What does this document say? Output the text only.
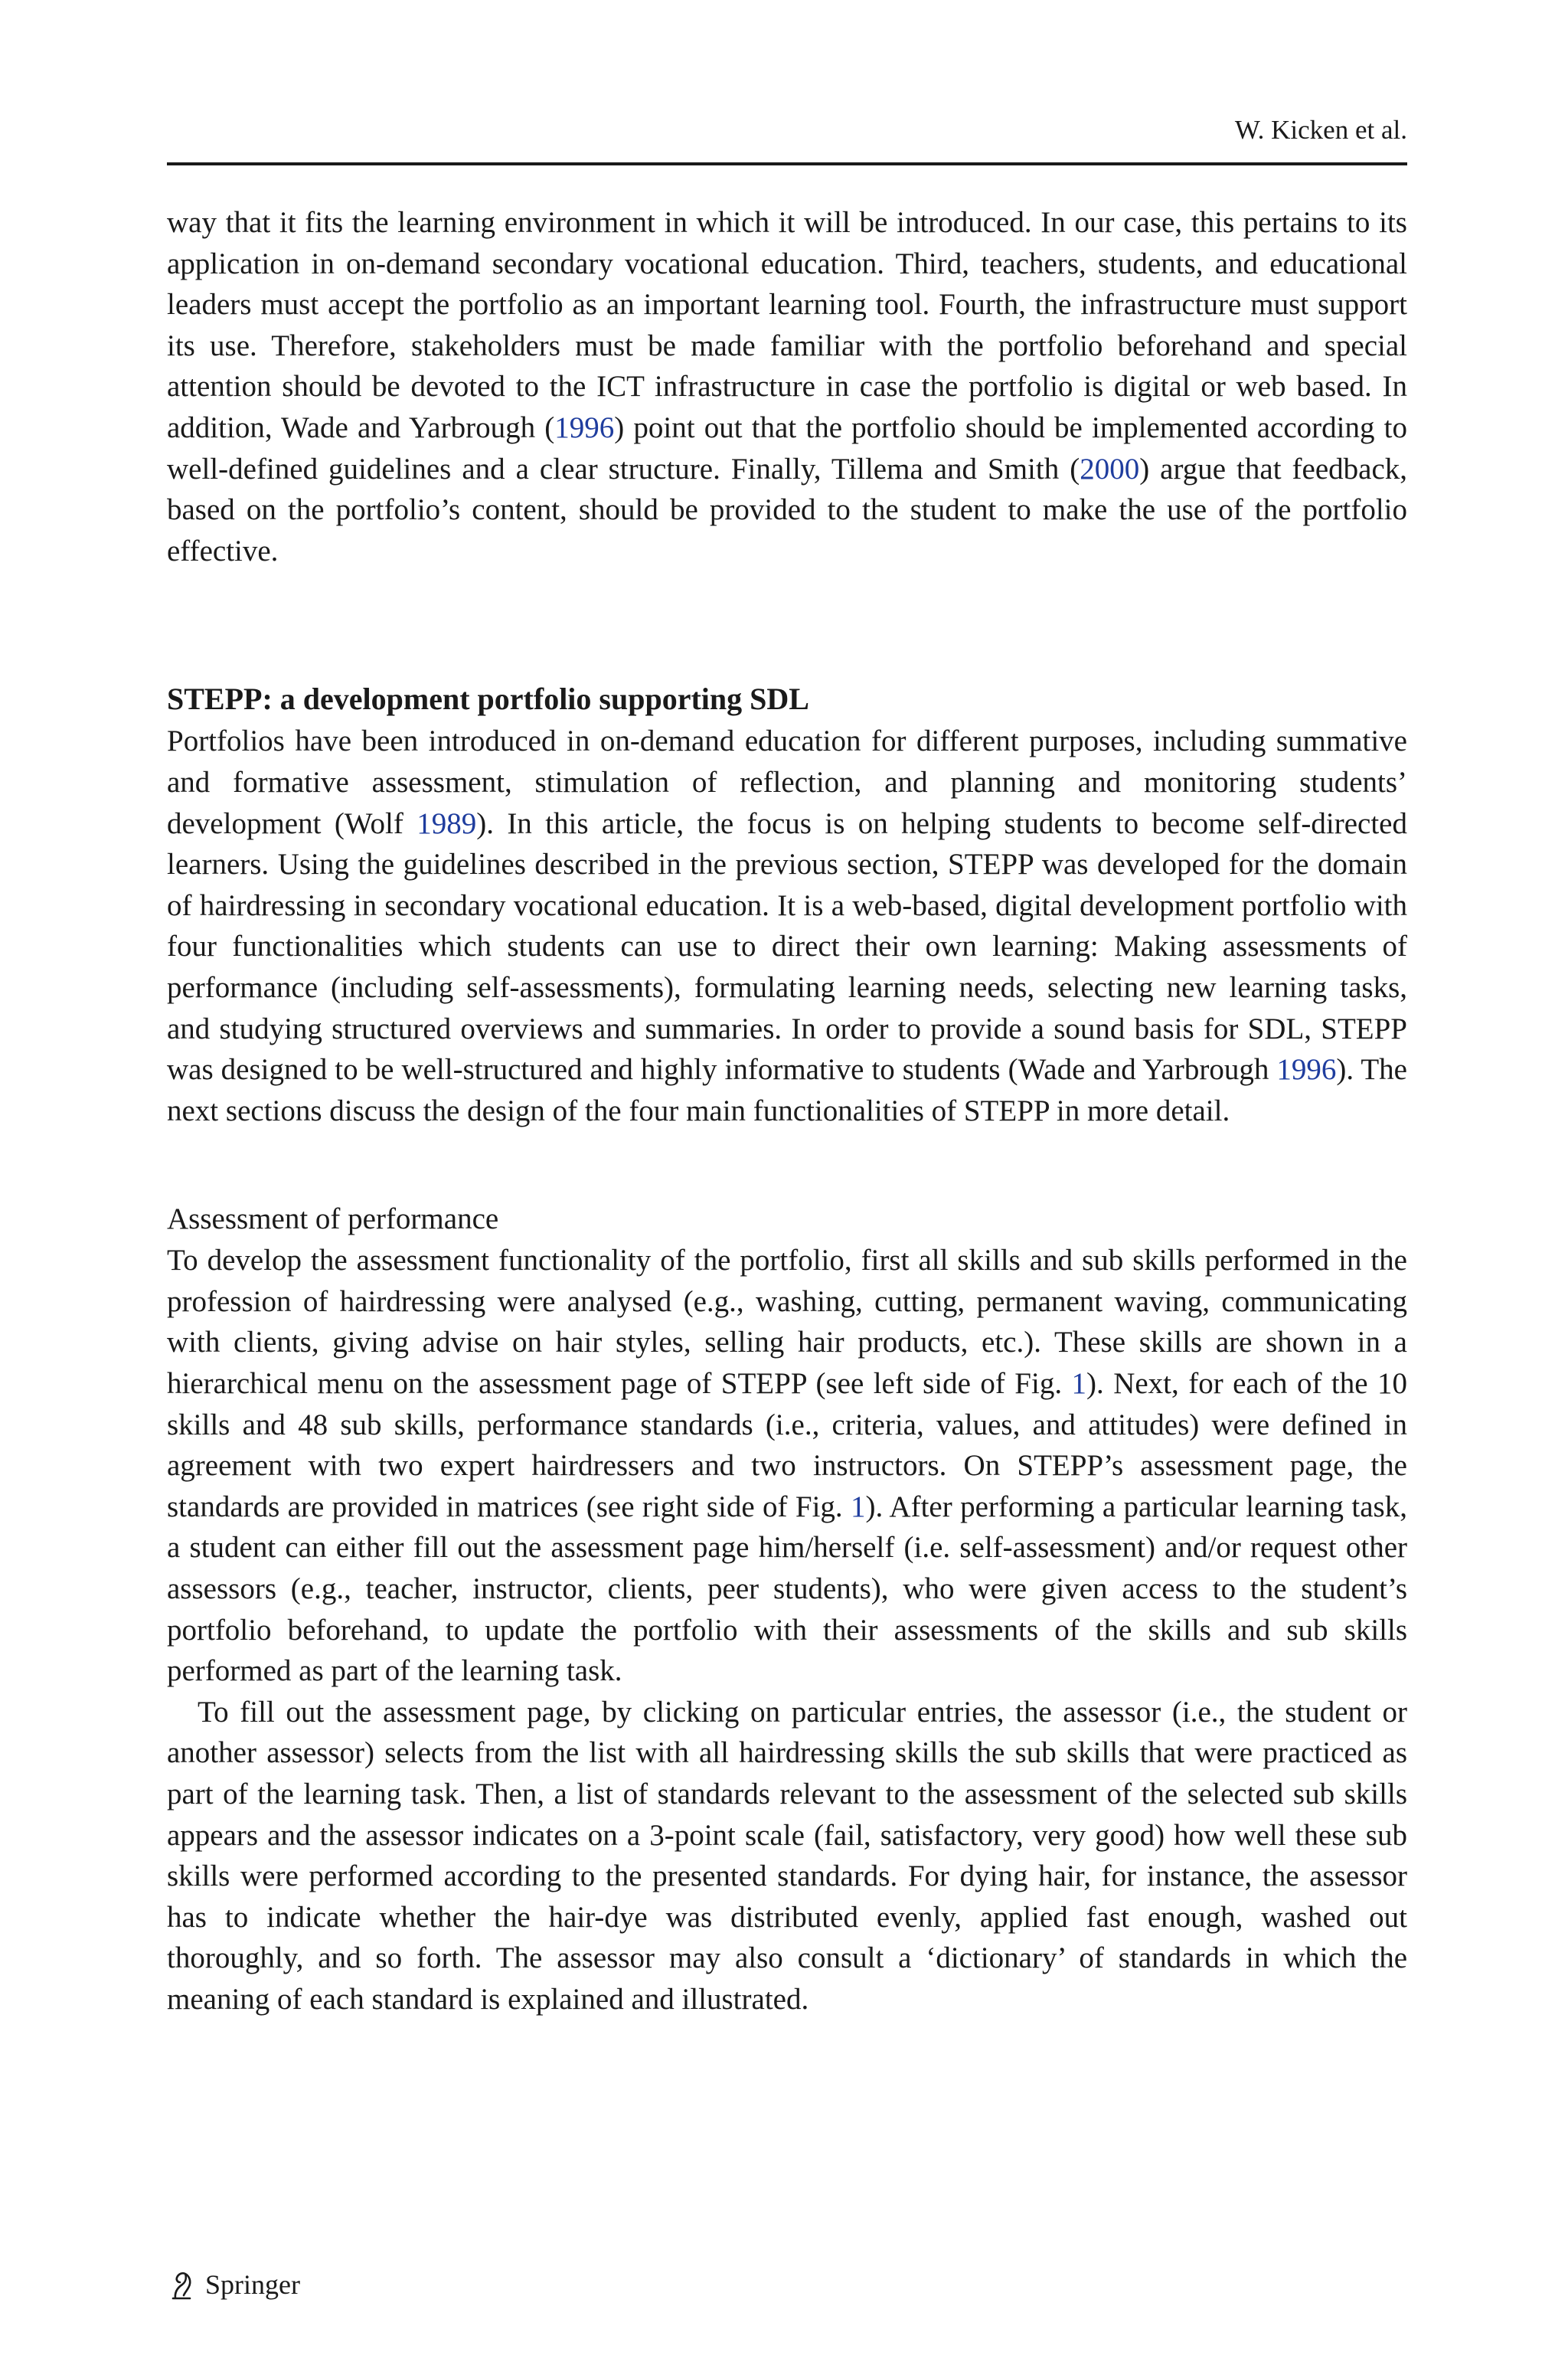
W. Kicken et al.

way that it fits the learning environment in which it will be introduced. In our case, this pertains to its application in on-demand secondary vocational education. Third, teachers, students, and educational leaders must accept the portfolio as an important learning tool. Fourth, the infrastructure must support its use. Therefore, stakeholders must be made familiar with the portfolio beforehand and special attention should be devoted to the ICT infrastructure in case the portfolio is digital or web based. In addition, Wade and Yarbrough (1996) point out that the portfolio should be implemented according to well-defined guidelines and a clear structure. Finally, Tillema and Smith (2000) argue that feedback, based on the portfolio’s content, should be provided to the student to make the use of the portfolio effective.

STEPP: a development portfolio supporting SDL

Portfolios have been introduced in on-demand education for different purposes, including summative and formative assessment, stimulation of reflection, and planning and monitoring students’ development (Wolf 1989). In this article, the focus is on helping students to become self-directed learners. Using the guidelines described in the previous section, STEPP was developed for the domain of hairdressing in secondary vocational education. It is a web-based, digital development portfolio with four functionalities which students can use to direct their own learning: Making assessments of performance (including self-assessments), formulating learning needs, selecting new learning tasks, and studying structured overviews and summaries. In order to provide a sound basis for SDL, STEPP was designed to be well-structured and highly informative to students (Wade and Yarbrough 1996). The next sections discuss the design of the four main functionalities of STEPP in more detail.

Assessment of performance

To develop the assessment functionality of the portfolio, first all skills and sub skills performed in the profession of hairdressing were analysed (e.g., washing, cutting, permanent waving, communicating with clients, giving advise on hair styles, selling hair products, etc.). These skills are shown in a hierarchical menu on the assessment page of STEPP (see left side of Fig. 1). Next, for each of the 10 skills and 48 sub skills, performance standards (i.e., criteria, values, and attitudes) were defined in agreement with two expert hairdressers and two instructors. On STEPP’s assessment page, the standards are provided in matrices (see right side of Fig. 1). After performing a particular learning task, a student can either fill out the assessment page him/herself (i.e. self-assessment) and/or request other assessors (e.g., teacher, instructor, clients, peer students), who were given access to the student’s portfolio beforehand, to update the portfolio with their assessments of the skills and sub skills performed as part of the learning task.

To fill out the assessment page, by clicking on particular entries, the assessor (i.e., the student or another assessor) selects from the list with all hairdressing skills the sub skills that were practiced as part of the learning task. Then, a list of standards relevant to the assessment of the selected sub skills appears and the assessor indicates on a 3-point scale (fail, satisfactory, very good) how well these sub skills were performed according to the presented standards. For dying hair, for instance, the assessor has to indicate whether the hair-dye was distributed evenly, applied fast enough, washed out thoroughly, and so forth. The assessor may also consult a ‘dictionary’ of standards in which the meaning of each standard is explained and illustrated.

Springer
